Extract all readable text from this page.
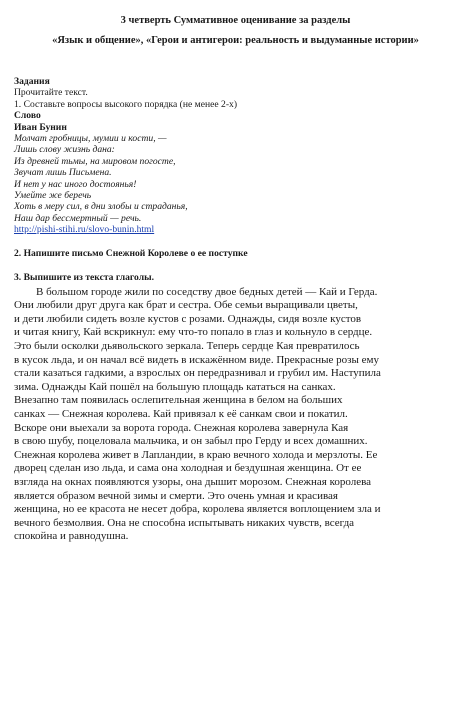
3 четверть Суммативное оценивание за разделы
«Язык и общение», «Герои и антигерои: реальность и выдуманные истории»
Задания
Прочитайте текст.
1. Составьте вопросы высокого порядка (не менее 2-х)
Слово
Иван Бунин
Молчат гробницы, мумии и кости, —
Лишь слову жизнь дана:
Из древней тьмы, на мировом погосте,
Звучат лишь Письмена.
И нет у нас иного достоянья!
Умейте же беречь
Хоть в меру сил, в дни злобы и страданья,
Наш дар бессмертный — речь.
http://pishi-stihi.ru/slovo-bunin.html
2. Напишите письмо Снежной Королеве о ее поступке
3. Выпишите из текста глаголы.
В большом городе жили по соседству двое бедных детей — Кай и Герда.
Они любили друг друга как брат и сестра. Обе семьи выращивали цветы,
и дети любили сидеть возле кустов с розами. Однажды, сидя возле кустов
и читая книгу, Кай вскрикнул: ему что-то попало в глаз и кольнуло в сердце.
Это были осколки дьявольского зеркала. Теперь сердце Кая превратилось
в кусок льда, и он начал всё видеть в искажённом виде. Прекрасные розы ему
стали казаться гадкими, а взрослых он передразнивал и грубил им. Наступила
зима. Однажды Кай пошёл на большую площадь кататься на санках.
Внезапно там появилась ослепительная женщина в белом на больших
санках — Снежная королева. Кай привязал к её санкам свои и покатил.
Вскоре они выехали за ворота города. Снежная королева завернула Кая
в свою шубу, поцеловала мальчика, и он забыл про Герду и всех домашних.
Снежная королева живет в Лапландии, в краю вечного холода и мерзлоты. Ее
дворец сделан изо льда, и сама она холодная и бездушная женщина. От ее
взгляда на окнах появляются узоры, она дышит морозом. Снежная королева
является образом вечной зимы и смерти. Это очень умная и красивая
женщина, но ее красота не несет добра, королева является воплощением зла и
вечного безмолвия. Она не способна испытывать никаких чувств, всегда
спокойна и равнодушна.
